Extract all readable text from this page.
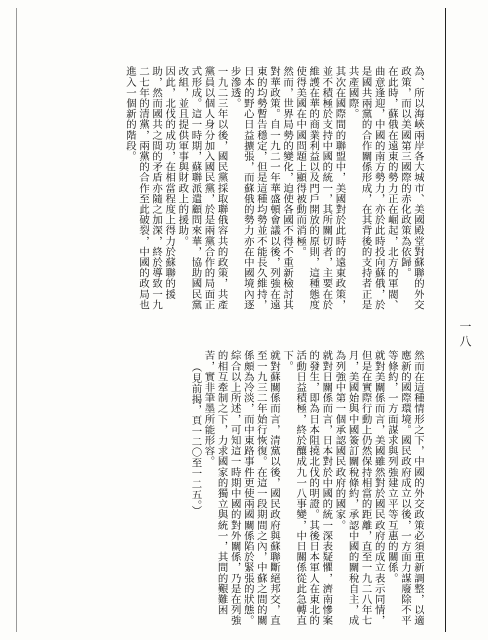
一八
為、所以海峽兩岸各大城市、美國殿堂對蘇聯的外交政策，而以美國第三國際的赤化政策為依歸。
在此時，蘇俄在遠東的勢力正在崛起，北方的軍閥、曲意逢迎，中國的南方勢力，亦於此時投向蘇俄，於是國共兩黨的合作關係形成，在其背後的支持者正是共產國際。
其次在國際間的聯盟中，美國對於此時的遠東政策，並不積極於支持中國的統一，其所關切者，主要在於維護在華的商業利益以及門戶開放的原則，這種態度使得美國在中國問題上顯得被動而消極。
然而，世界局勢的變化，迫使各國不得不重新檢討其對華政策。自一九二一年華盛頓會議以後，列強在遠東的均勢暫告穩定，但是這種均勢並不能長久維持，日本的野心日益擴張，而蘇俄的勢力亦在中國境內逐步滲透。
一九二三年以後，國民黨採取聯俄容共的政策，共產黨員以個人身分加入國民黨，於是兩黨合作的局面正式形成。這一時期，蘇聯派遣顧問來華，協助國民黨改組，並且提供軍事與財政上的援助。
因此，北伐的成功，在相當程度上得力於蘇聯的援助，然而國共之間的矛盾亦隨之加深，終於導致一九二七年的清黨，兩黨的合作至此破裂，中國的政局也進入一個新的階段。
然而在這種情形之下，中國的外交政策必須重新調整，以適應新的國際環境。國民政府成立以後，一方面力謀廢除不平等條約，一方面謀求與列強建立平等互惠的關係。
就對美關係而言，美國雖然對於國民政府的成立表示同情，但是在實際行動上仍然保持相當的距離，直至一九二八年七月，美國始與中國簽訂關稅條約，承認中國的關稅自主，成為列強中第一個承認國民政府的國家。
就對日關係而言，日本對於中國的統一深表疑懼，濟南慘案的發生，即為日本阻撓北伐的明證。其後日本軍人在東北的活動日益積極，終於釀成九一八事變，中日關係從此急轉直下。
就對蘇關係而言，清黨以後，國民政府與蘇聯斷絕邦交，直至一九三二年始行恢復。在這一段期間之內，中蘇之間的關係頗為冷淡，而中東路事件更使兩國關係陷於緊張的狀態。
綜合以上所述，可知這一時期中國的對外關係，乃是在列強的相互牽制之下，力求國家的獨立與統一，其間的艱難困苦，實非筆墨所能形容。
（見前揭，頁一二〇至一二五。）
